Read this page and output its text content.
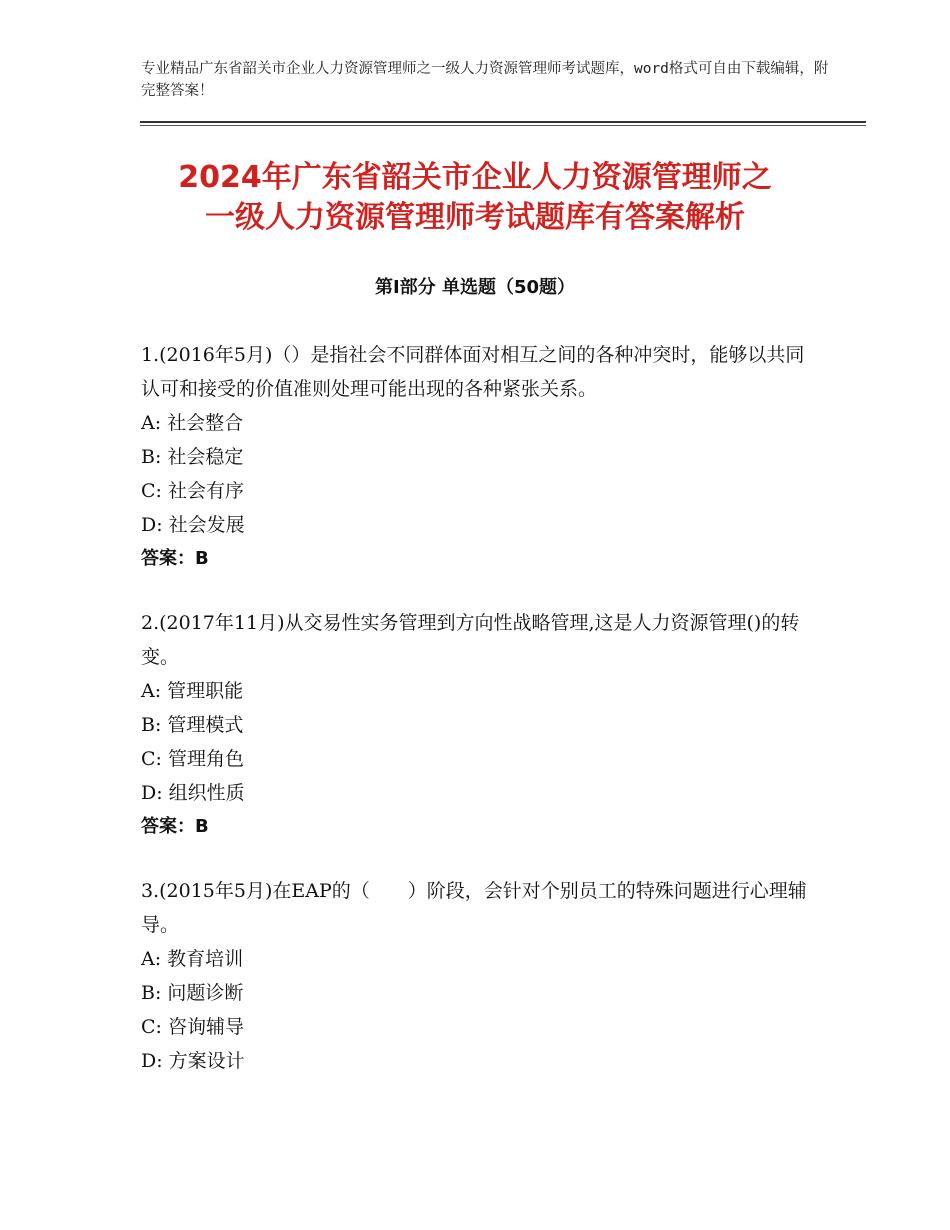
专业精品广东省韶关市企业人力资源管理师之一级人力资源管理师考试题库，word格式可自由下载编辑，附完整答案！
2024年广东省韶关市企业人力资源管理师之
一级人力资源管理师考试题库有答案解析
第Ⅰ部分 单选题（50题）

1.(2016年5月)（）是指社会不同群体面对相互之间的各种冲突时，能够以共同认可和接受的价值准则处理可能出现的各种紧张关系。

A: 社会整合

B: 社会稳定

C: 社会有序

D: 社会发展

答案：B

2.(2017年11月)从交易性实务管理到方向性战略管理,这是人力资源管理()的转变。

A: 管理职能

B: 管理模式

C: 管理角色

D: 组织性质

答案：B

3.(2015年5月)在EAP的（　　）阶段，会针对个别员工的特殊问题进行心理辅导。

A: 教育培训

B: 问题诊断

C: 咨询辅导

D: 方案设计
